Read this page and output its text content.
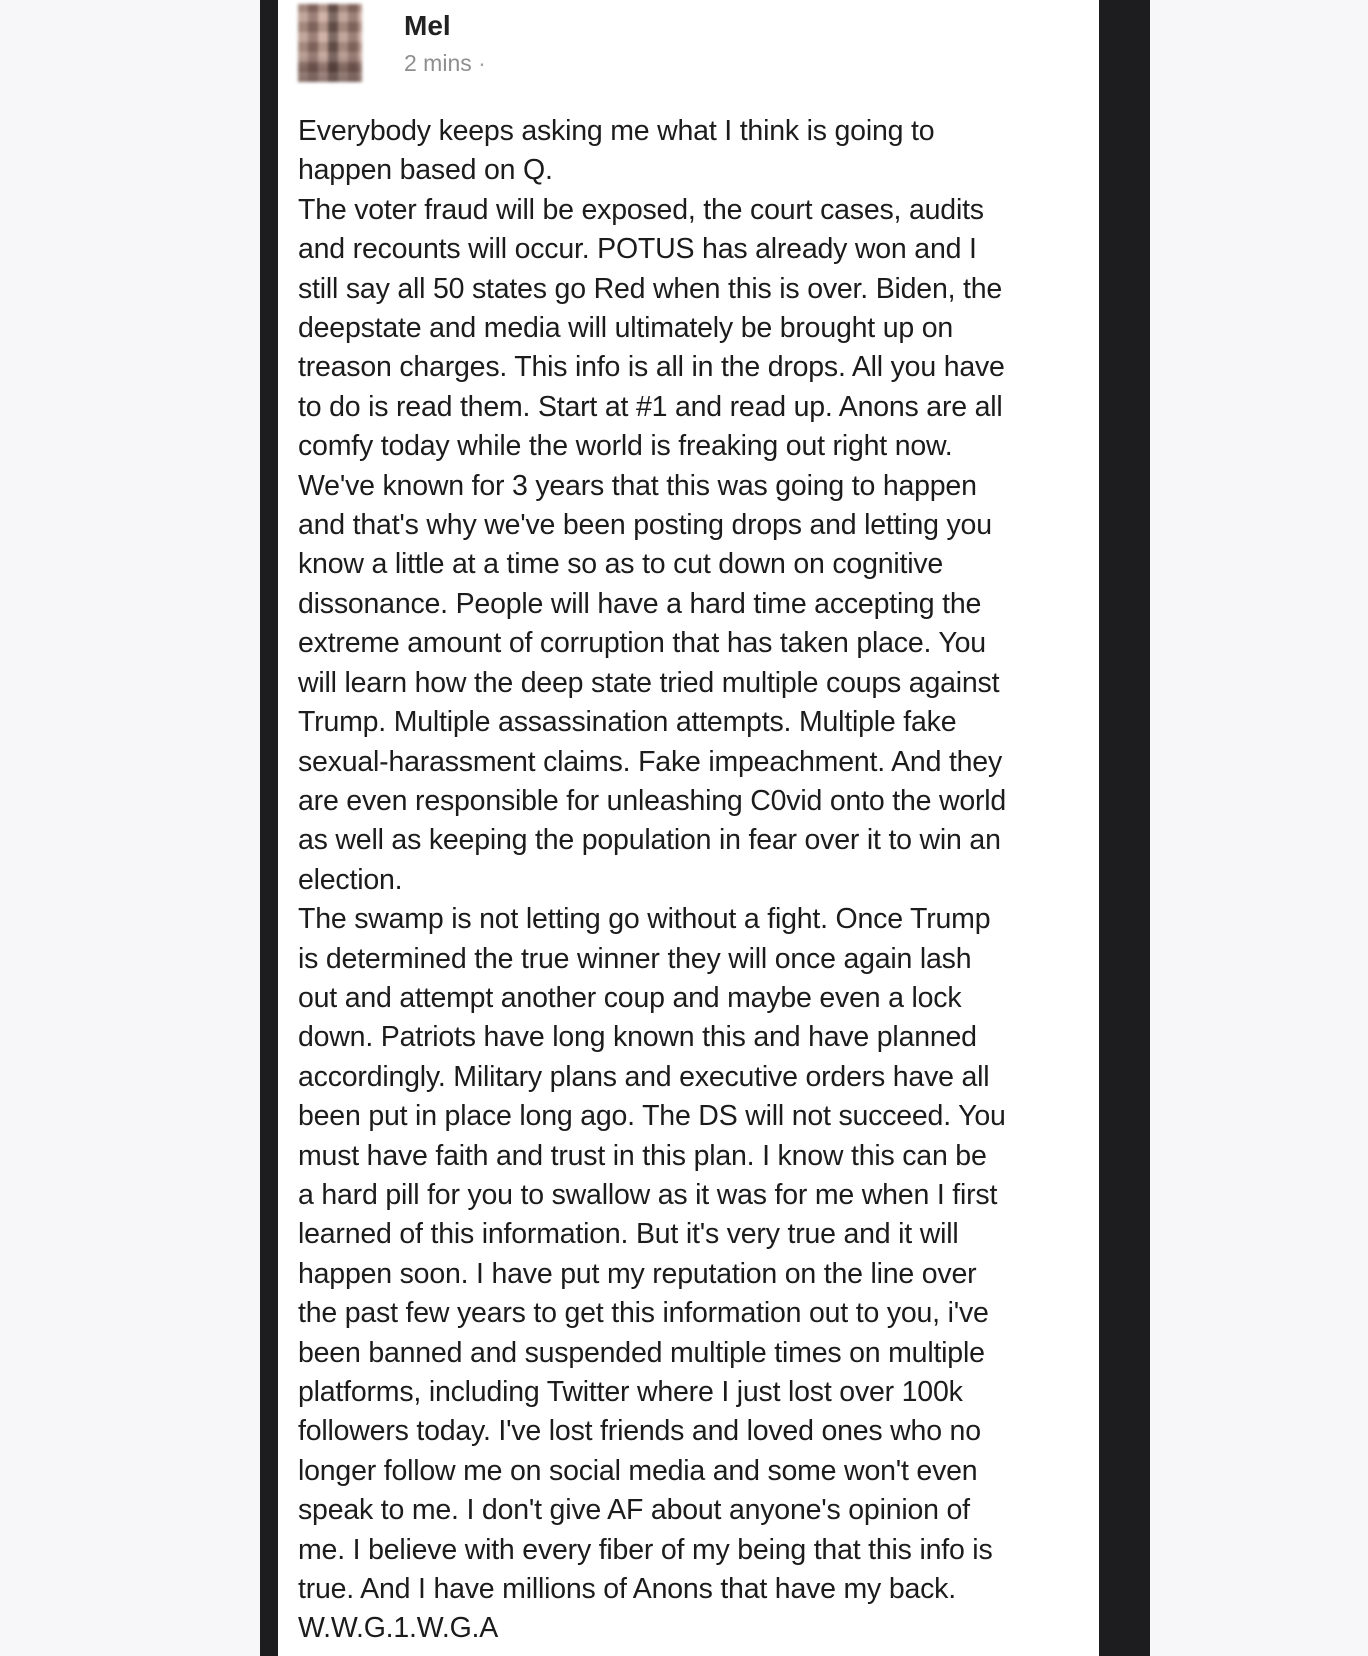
Mel
2 mins ·
Everybody keeps asking me what I think is going to
happen based on Q.
The voter fraud will be exposed, the court cases, audits
and recounts will occur. POTUS has already won and I
still say all 50 states go Red when this is over. Biden, the
deepstate and media will ultimately be brought up on
treason charges. This info is all in the drops. All you have
to do is read them. Start at #1 and read up. Anons are all
comfy today while the world is freaking out right now.
We've known for 3 years that this was going to happen
and that's why we've been posting drops and letting you
know a little at a time so as to cut down on cognitive
dissonance. People will have a hard time accepting the
extreme amount of corruption that has taken place. You
will learn how the deep state tried multiple coups against
Trump. Multiple assassination attempts. Multiple fake
sexual-harassment claims. Fake impeachment. And they
are even responsible for unleashing C0vid onto the world
as well as keeping the population in fear over it to win an
election.
The swamp is not letting go without a fight. Once Trump
is determined the true winner they will once again lash
out and attempt another coup and maybe even a lock
down. Patriots have long known this and have planned
accordingly. Military plans and executive orders have all
been put in place long ago. The DS will not succeed. You
must have faith and trust in this plan. I know this can be
a hard pill for you to swallow as it was for me when I first
learned of this information. But it's very true and it will
happen soon. I have put my reputation on the line over
the past few years to get this information out to you, i've
been banned and suspended multiple times on multiple
platforms, including Twitter where I just lost over 100k
followers today. I've lost friends and loved ones who no
longer follow me on social media and some won't even
speak to me. I don't give AF about anyone's opinion of
me. I believe with every fiber of my being that this info is
true. And I have millions of Anons that have my back.
W.W.G.1.W.G.A
